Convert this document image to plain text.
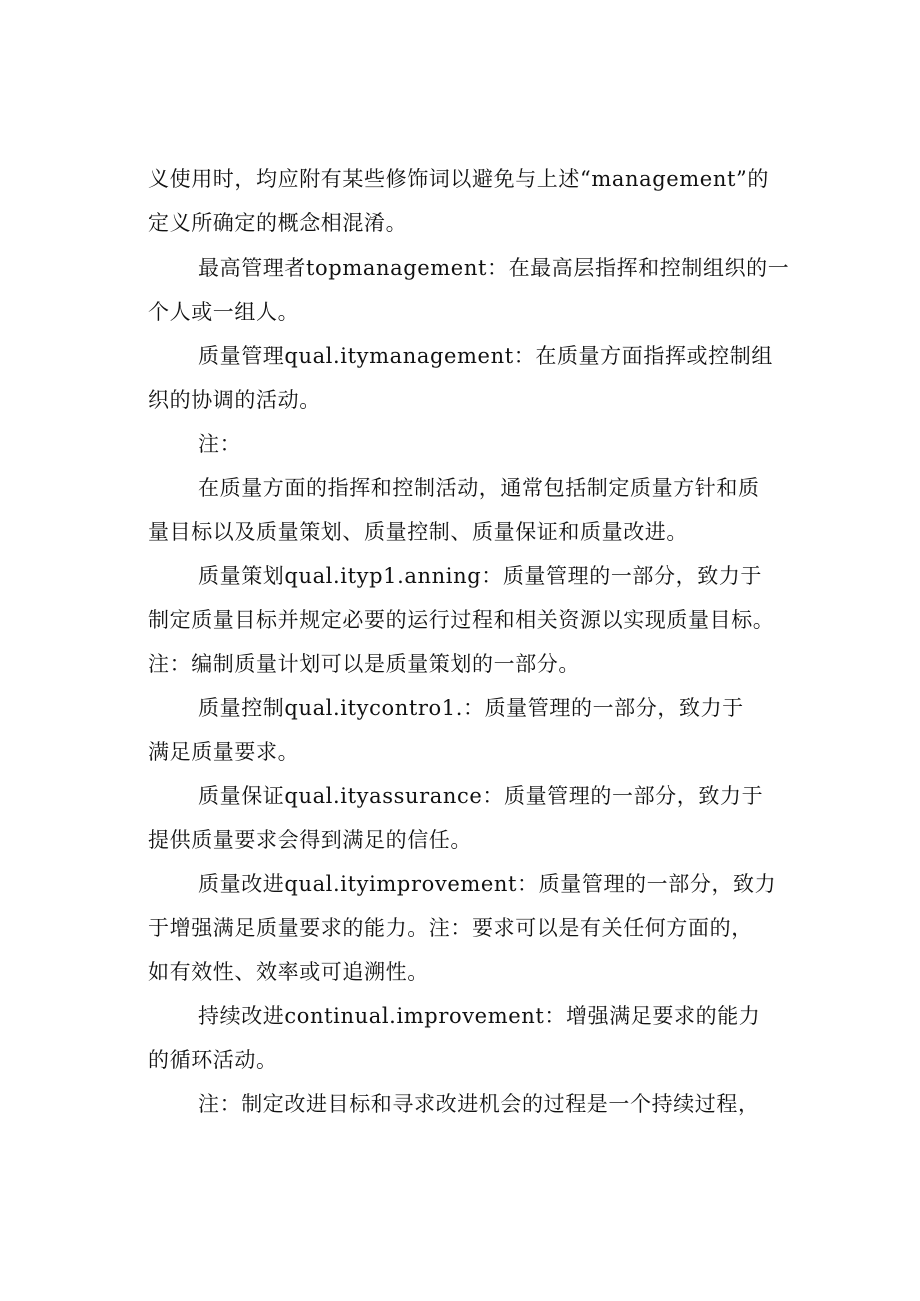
义使用时，均应附有某些修饰词以避免与上述“management”的
定义所确定的概念相混淆。
最高管理者topmanagement：在最高层指挥和控制组织的一
个人或一组人。
质量管理qual.itymanagement：在质量方面指挥或控制组
织的协调的活动。
注：
在质量方面的指挥和控制活动，通常包括制定质量方针和质
量目标以及质量策划、质量控制、质量保证和质量改进。
质量策划qual.ityp1.anning：质量管理的一部分，致力于
制定质量目标并规定必要的运行过程和相关资源以实现质量目标。
注：编制质量计划可以是质量策划的一部分。
质量控制qual.itycontro1.：质量管理的一部分，致力于
满足质量要求。
质量保证qual.ityassurance：质量管理的一部分，致力于
提供质量要求会得到满足的信任。
质量改进qual.ityimprovement：质量管理的一部分，致力
于增强满足质量要求的能力。注：要求可以是有关任何方面的，
如有效性、效率或可追溯性。
持续改进continual.improvement：增强满足要求的能力
的循环活动。
注：制定改进目标和寻求改进机会的过程是一个持续过程，
